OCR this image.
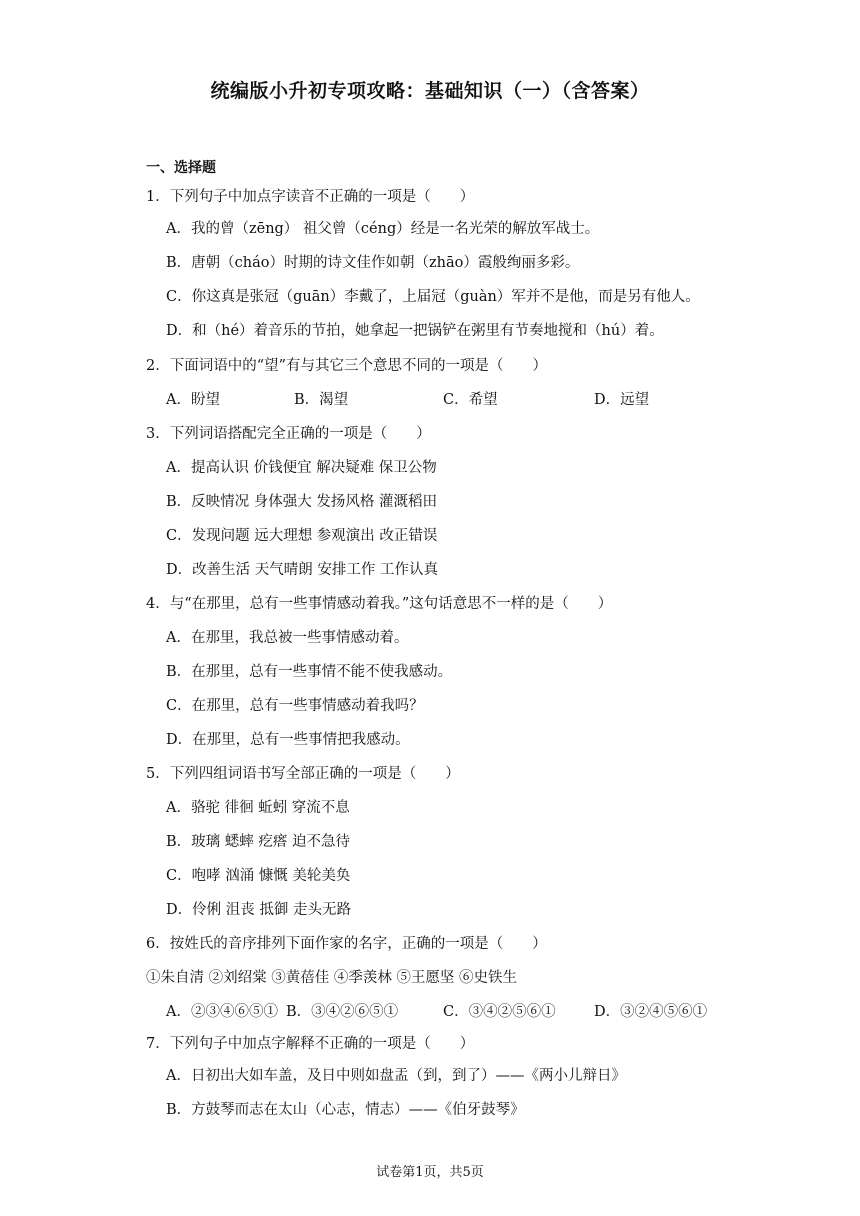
统编版小升初专项攻略：基础知识（一）（含答案）
一、选择题
1．下列句子中加点字读音不正确的一项是（　　）
A．我的曾（zēng） 祖父曾（céng）经是一名光荣的解放军战士。
B．唐朝（cháo）时期的诗文佳作如朝（zhāo）霞般绚丽多彩。
C．你这真是张冠（guān）李戴了，上届冠（guàn）军并不是他，而是另有他人。
D．和（hé）着音乐的节拍，她拿起一把锅铲在粥里有节奏地搅和（hú）着。
2．下面词语中的“望”有与其它三个意思不同的一项是（　　）
A．盼望	B．渴望	C．希望	D．远望
3．下列词语搭配完全正确的一项是（　　）
A．提高认识 价钱便宜 解决疑难 保卫公物
B．反映情况 身体强大 发扬风格 灌溉稻田
C．发现问题 远大理想 参观演出 改正错误
D．改善生活 天气晴朗 安排工作 工作认真
4．与“在那里，总有一些事情感动着我。”这句话意思不一样的是（　　）
A．在那里，我总被一些事情感动着。
B．在那里，总有一些事情不能不使我感动。
C．在那里，总有一些事情感动着我吗？
D．在那里，总有一些事情把我感动。
5．下列四组词语书写全部正确的一项是（　　）
A．骆驼 徘徊 蚯蚓 穿流不息
B．玻璃 蟋蟀 疙瘩 迫不急待
C．咆哮 汹涌 慷慨 美轮美奂
D．伶俐 沮丧 抵御 走头无路
6．按姓氏的音序排列下面作家的名字，正确的一项是（　　）
①朱自清 ②刘绍棠 ③黄蓓佳 ④季羡林 ⑤王愿坚 ⑥史铁生
A．②③④⑥⑤① B．③④②⑥⑤①	C．③④②⑤⑥①	D．③②④⑤⑥①
7．下列句子中加点字解释不正确的一项是（　　）
A．日初出大如车盖，及日中则如盘盂（到，到了）——《两小儿辩日》
B．方鼓琴而志在太山（心志，情志）——《伯牙鼓琴》
试卷第1页，共5页
